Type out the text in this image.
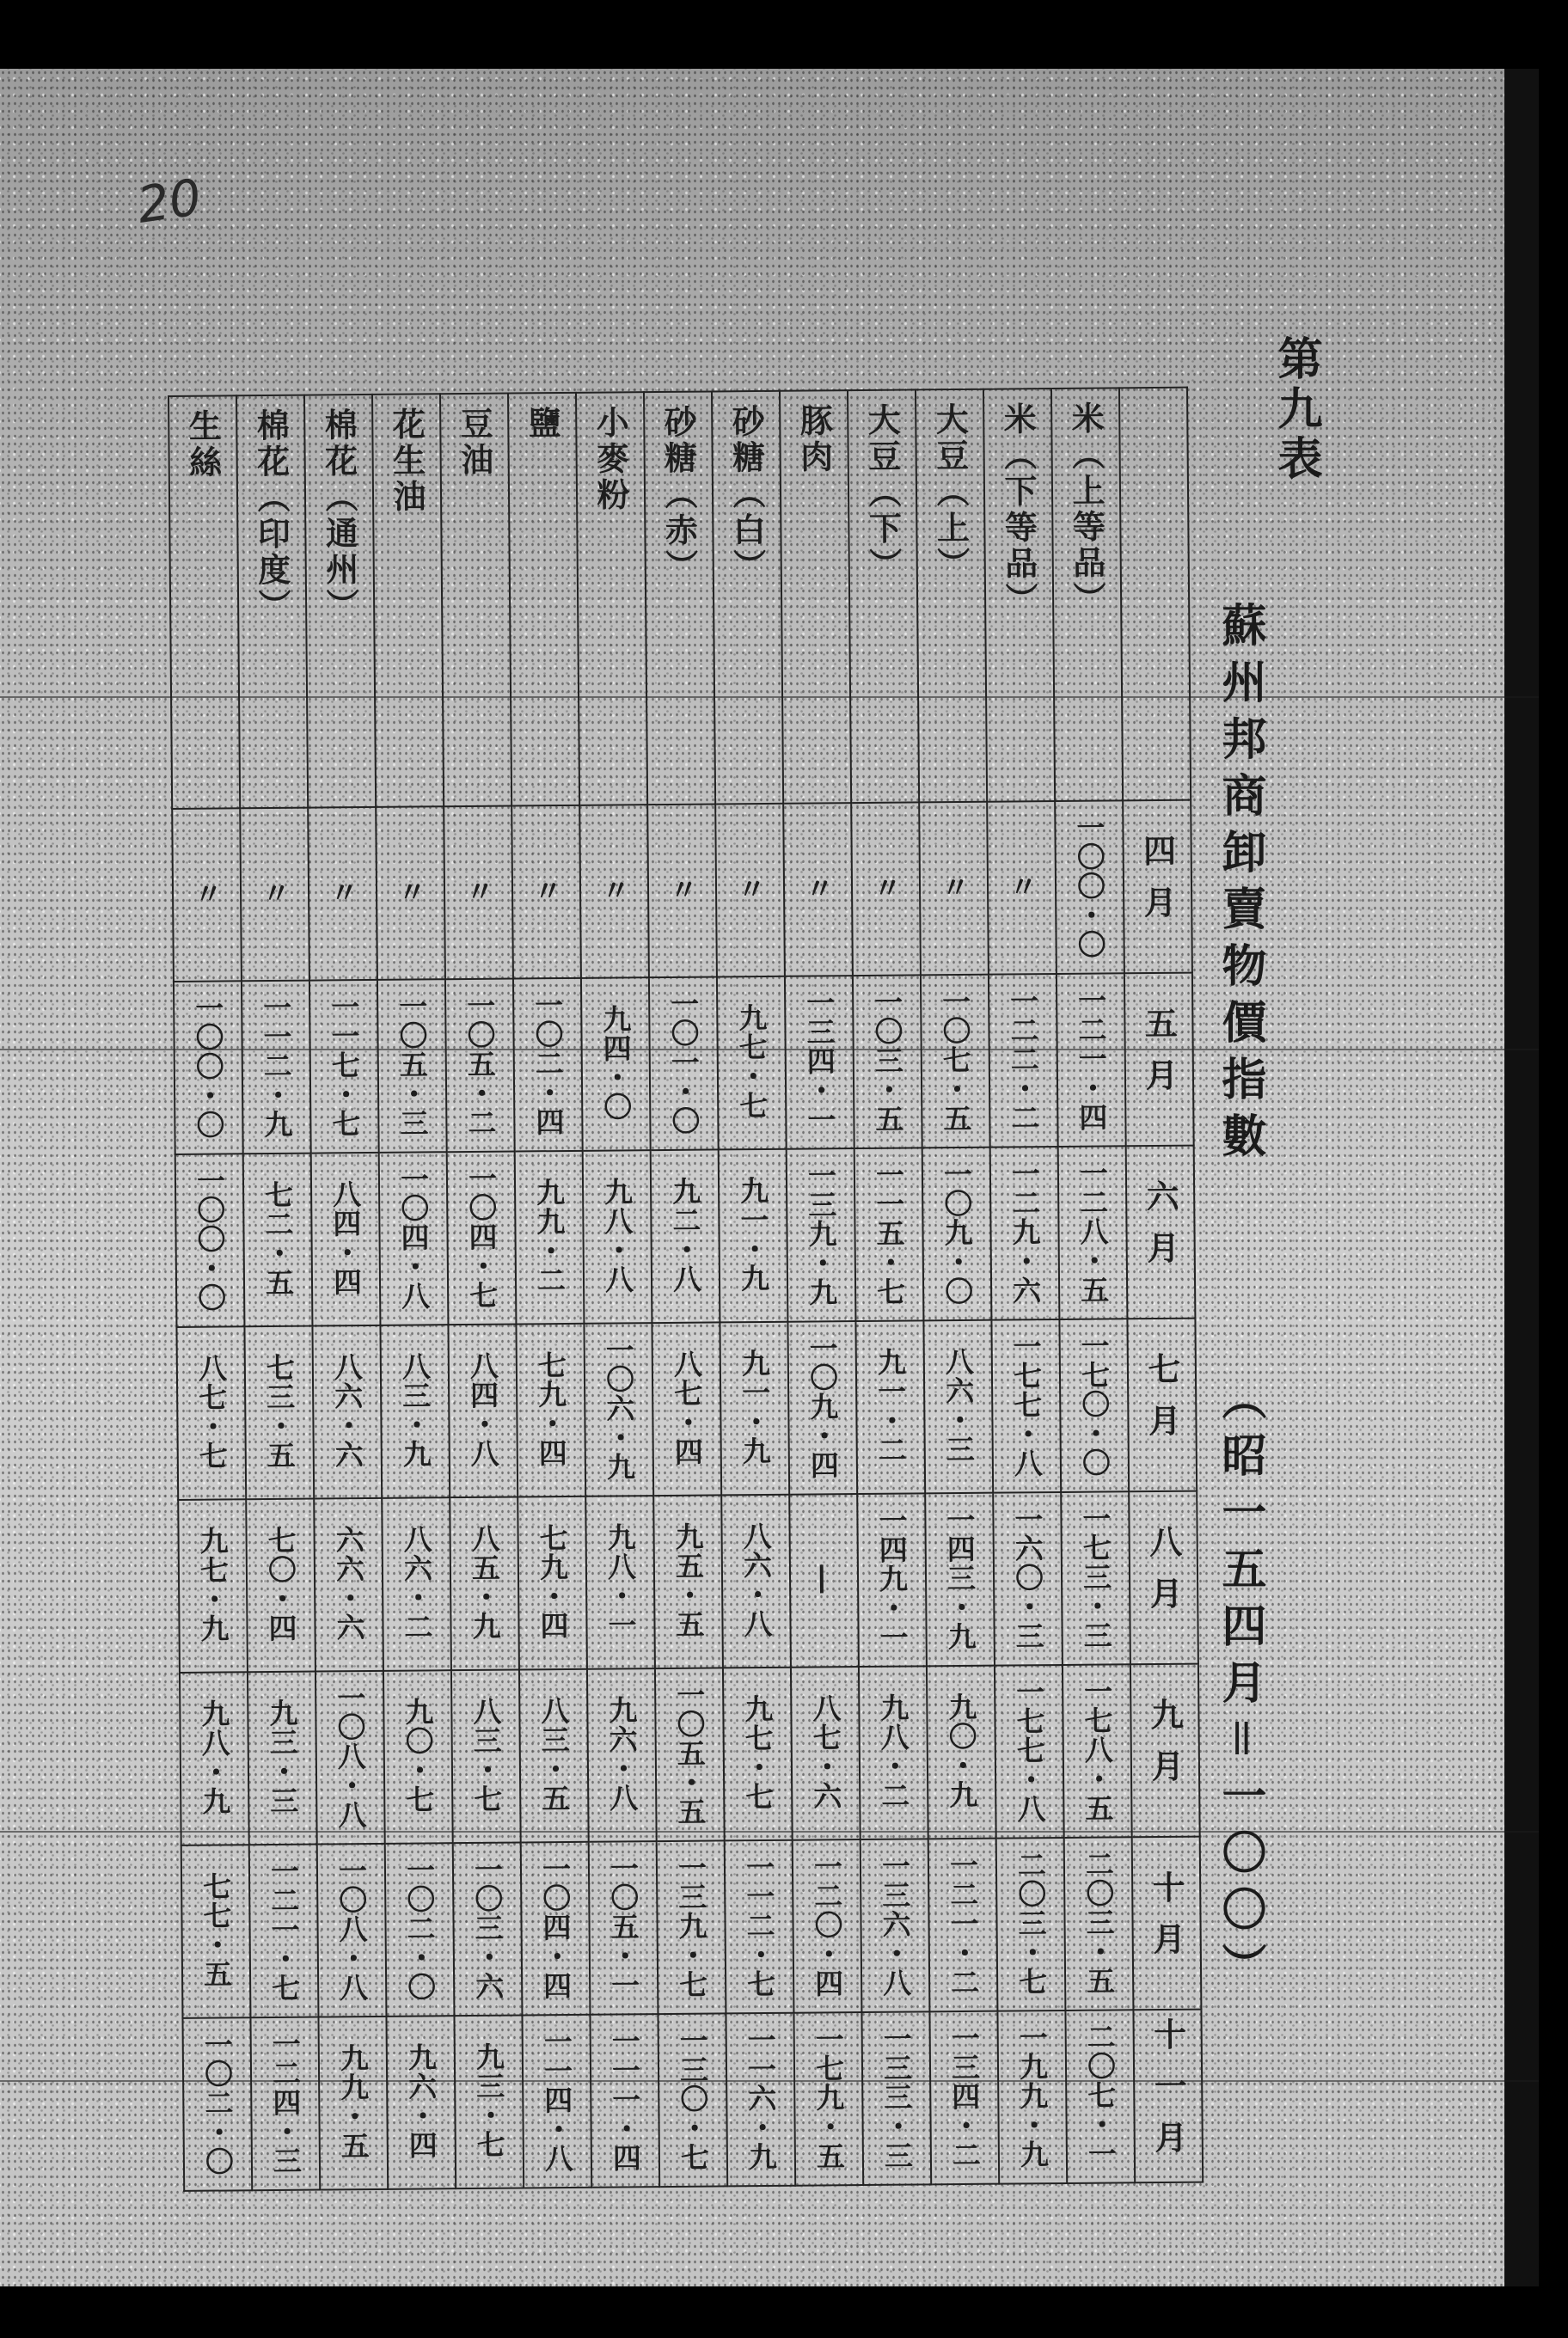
20
第九表
蘇州邦商卸賣物價指數
（昭一五四月＝一〇〇）
生絲	棉花（印度）	棉花（通州）	花生油	豆油	鹽	小麥粉	砂糖（赤）	砂糖（白）	豚肉	大豆（下）	大豆（上）	米（下等品）	米（上等品）	
〃	〃	〃	〃	〃	〃	〃	〃	〃	〃	〃	〃	〃	一〇〇・〇	四月
一〇〇・〇	一一二・九	一一七・七	一〇五・三	一〇五・二	一〇二・四	九四・〇	一〇一・〇	九七・七	一三四・一	一〇三・五	一〇七・五	一二二・二	一二一・四	五月
一〇〇・〇	七二・五	八四・四	一〇四・八	一〇四・七	九九・二	九八・八	九二・八	九一・九	一三九・九	一一五・七	一〇九・〇	一二九・六	一二八・五	六月
八七・七	七三・五	八六・六	八三・九	八四・八	七九・四	一〇六・九	八七・四	九一・九	一〇九・四	九一・二	八六・三	一七七・八	一七〇・〇	七月
九七・九	七〇・四	六六・六	八六・二	八五・九	七九・四	九八・一	九五・五	八六・八	―	一四九・一	一四三・九	一六〇・三	一七三・三	八月
九八・九	九三・三	一〇八・八	九〇・七	八三・七	八三・五	九六・八	一〇五・五	九七・七	八七・六	九八・二	九〇・九	一七七・八	一七八・五	九月
七七・五	一二一・七	一〇八・八	一〇二・〇	一〇三・六	一〇四・四	一〇五・一	一三九・七	一一二・七	一二〇・四	一三六・八	一二一・二	二〇三・七	二〇三・五	十月
一〇二・〇	一二四・三	九九・五	九六・四	九三・七	一一四・八	一一一・四	一三〇・七	一一六・九	一七九・五	一三三・三	一三四・二	一九九・九	二〇七・一	十一月
